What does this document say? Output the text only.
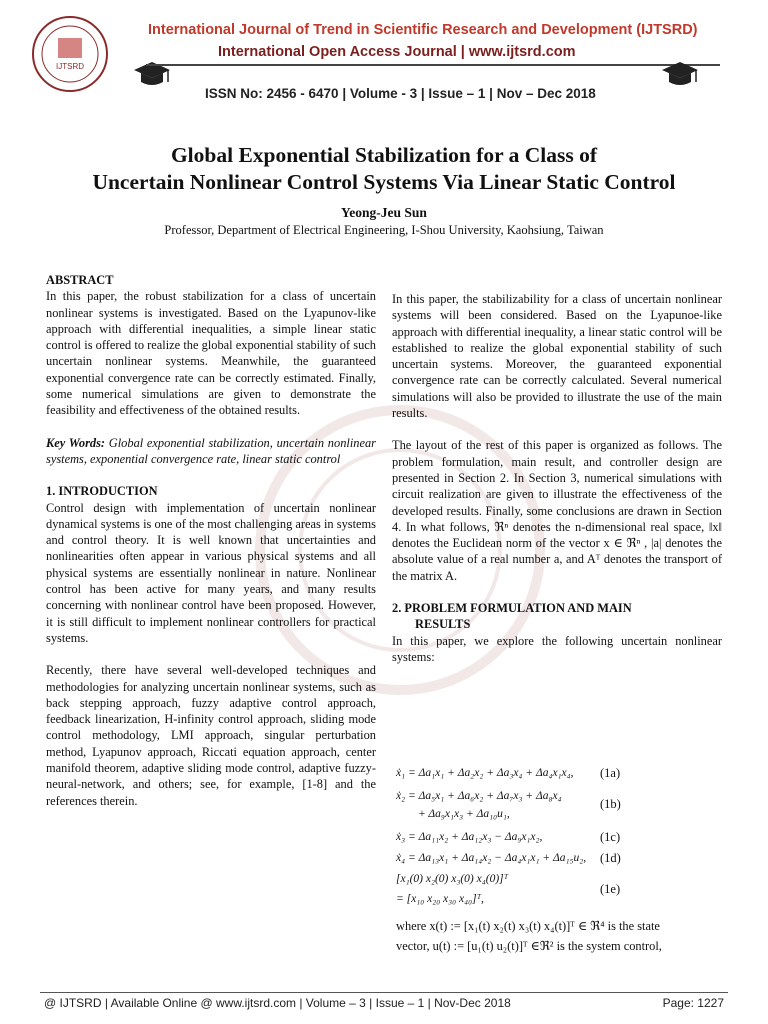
IJTSRD
International Journal of Trend in Scientific Research and Development (IJTSRD)
International Open Access Journal | www.ijtsrd.com
ISSN No: 2456 - 6470 | Volume - 3 | Issue – 1 | Nov – Dec 2018
Global Exponential Stabilization for a Class of
Uncertain Nonlinear Control Systems Via Linear Static Control
Yeong-Jeu Sun
Professor, Department of Electrical Engineering, I-Shou University, Kaohsiung, Taiwan

ABSTRACT

In this paper, the robust stabilization for a class of uncertain nonlinear systems is investigated. Based on the Lyapunov-like approach with differential inequalities, a simple linear static control is offered to realize the global exponential stability of such uncertain nonlinear systems. Meanwhile, the guaranteed exponential convergence rate can be correctly estimated. Finally, some numerical simulations are given to demonstrate the feasibility and effectiveness of the obtained results.

Key Words: Global exponential stabilization, uncertain nonlinear systems, exponential convergence rate, linear static control

1. INTRODUCTION

Control design with implementation of uncertain nonlinear dynamical systems is one of the most challenging areas in systems and control theory. It is well known that uncertainties and nonlinearities often appear in various physical systems and all physical systems are essentially nonlinear in nature. Nonlinear control has been active for many years, and many results concerning with nonlinear control have been proposed. However, it is still difficult to implement nonlinear controllers for practical systems.

Recently, there have several well-developed techniques and methodologies for analyzing uncertain nonlinear systems, such as back stepping approach, fuzzy adaptive control approach, feedback linearization, H-infinity control approach, sliding mode control methodology, LMI approach, singular perturbation method, Lyapunov approach, Riccati equation approach, center manifold theorem, adaptive sliding mode control, adaptive fuzzy-neural-network, and others; see, for example, [1-8] and the references therein.

In this paper, the stabilizability for a class of uncertain nonlinear systems will been considered. Based on the Lyapunoe-like approach with differential inequality, a linear static control will be established to realize the global exponential stability of such uncertain systems. Moreover, the guaranteed exponential convergence rate can be correctly calculated. Several numerical simulations will also be provided to illustrate the use of the main results.

The layout of the rest of this paper is organized as follows. The problem formulation, main result, and controller design are presented in Section 2. In Section 3, numerical simulations with circuit realization are given to illustrate the effectiveness of the developed results. Finally, some conclusions are drawn in Section 4. In what follows, ℜⁿ denotes the n-dimensional real space, ‖x‖ denotes the Euclidean norm of the vector x ∈ ℜⁿ , |a| denotes the absolute value of a real number a, and Aᵀ denotes the transport of the matrix A.

2. PROBLEM FORMULATION AND MAIN
RESULTS

In this paper, we explore the following uncertain nonlinear systems:

ẋ₁ = Δa₁x₁ + Δa₂x₂ + Δa₃x₄ + Δa₄x₁x₄, (1a)
ẋ₂ = Δa₅x₁ + Δa₆x₂ + Δa₇x₃ + Δa₈x₄
+ Δa₉x₁x₃ + Δa₁₀u₁,
(1b)
ẋ₃ = Δa₁₁x₂ + Δa₁₂x₃ − Δa₉x₁x₂,	(1c)
ẋ₄ = Δa₁₃x₁ + Δa₁₄x₂ − Δa₄x₁x₁ + Δa₁₅u₂, (1d)
[x₁(0) x₂(0) x₃(0) x₄(0)]ᵀ
= [x₁₀ x₂₀ x₃₀ x₄₀]ᵀ,
(1e)
where x(t) := [x₁(t) x₂(t) x₃(t) x₄(t)]ᵀ ∈ ℜ⁴ is the state
vector, u(t) := [u₁(t) u₂(t)]ᵀ ∈ℜ² is the system control,
@ IJTSRD | Available Online @ www.ijtsrd.com | Volume – 3 | Issue – 1 | Nov-Dec 2018	Page: 1227
